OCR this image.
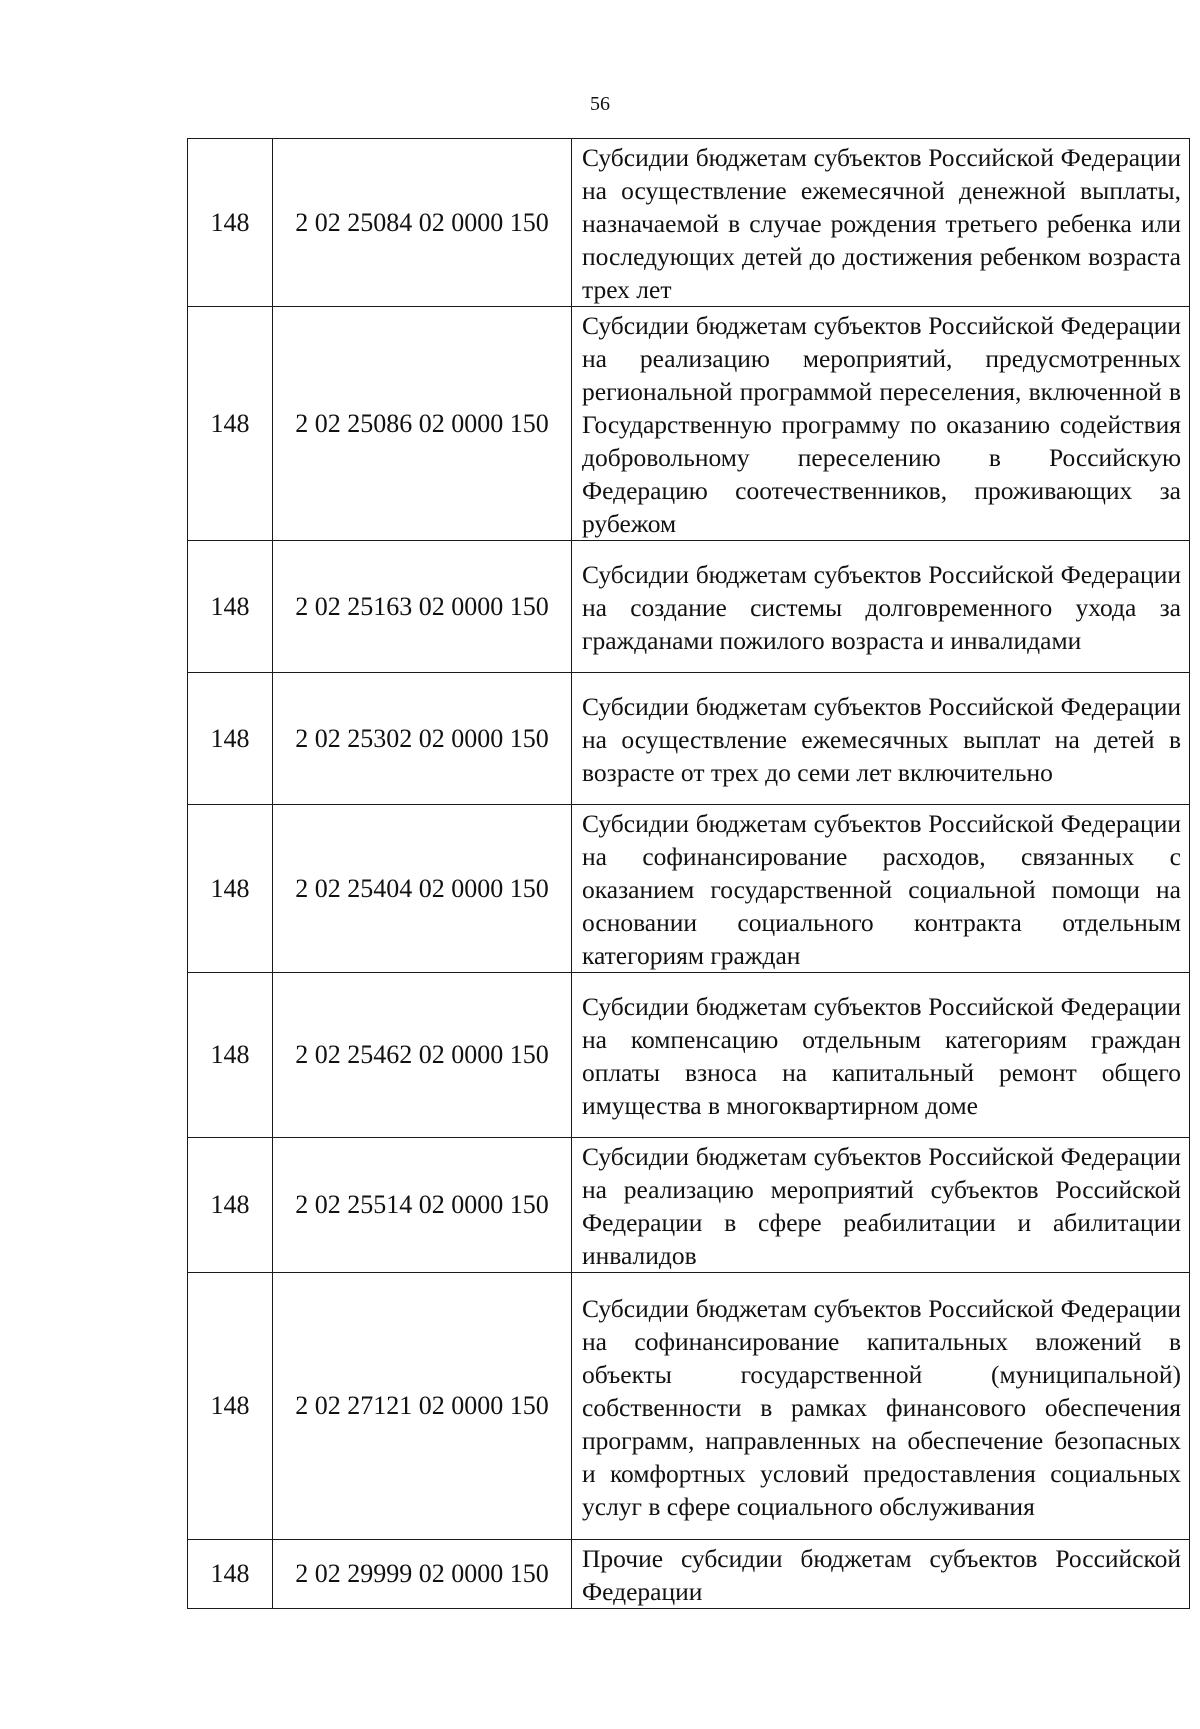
56
148	2 02 25084 02 0000 150	Субсидии бюджетам субъектов Российской Федерации на осуществление ежемесячной денежной выплаты, назначаемой в случае рождения третьего ребенка или последующих детей до достижения ребенком возраста трех лет
148	2 02 25086 02 0000 150	Субсидии бюджетам субъектов Российской Федерации на реализацию мероприятий, предусмотренных региональной программой переселения, включенной в Государственную программу по оказанию содействия добровольному переселению в Российскую Федерацию соотечественников, проживающих за рубежом
148	2 02 25163 02 0000 150	Субсидии бюджетам субъектов Российской Федерации на создание системы долговременного ухода за гражданами пожилого возраста и инвалидами
148	2 02 25302 02 0000 150	Субсидии бюджетам субъектов Российской Федерации на осуществление ежемесячных выплат на детей в возрасте от трех до семи лет включительно
148	2 02 25404 02 0000 150	Субсидии бюджетам субъектов Российской Федерации на софинансирование расходов, связанных с оказанием государственной социальной помощи на основании социального контракта отдельным категориям граждан
148	2 02 25462 02 0000 150	Субсидии бюджетам субъектов Российской Федерации на компенсацию отдельным категориям граждан оплаты взноса на капитальный ремонт общего имущества в многоквартирном доме
148	2 02 25514 02 0000 150	Субсидии бюджетам субъектов Российской Федерации на реализацию мероприятий субъектов Российской Федерации в сфере реабилитации и абилитации инвалидов
148	2 02 27121 02 0000 150	Субсидии бюджетам субъектов Российской Федерации на софинансирование капитальных вложений в объекты государственной (муниципальной) собственности в рамках финансового обеспечения программ, направленных на обеспечение безопасных и комфортных условий предоставления социальных услуг в сфере социального обслуживания
148	2 02 29999 02 0000 150	Прочие субсидии бюджетам субъектов Российской Федерации
